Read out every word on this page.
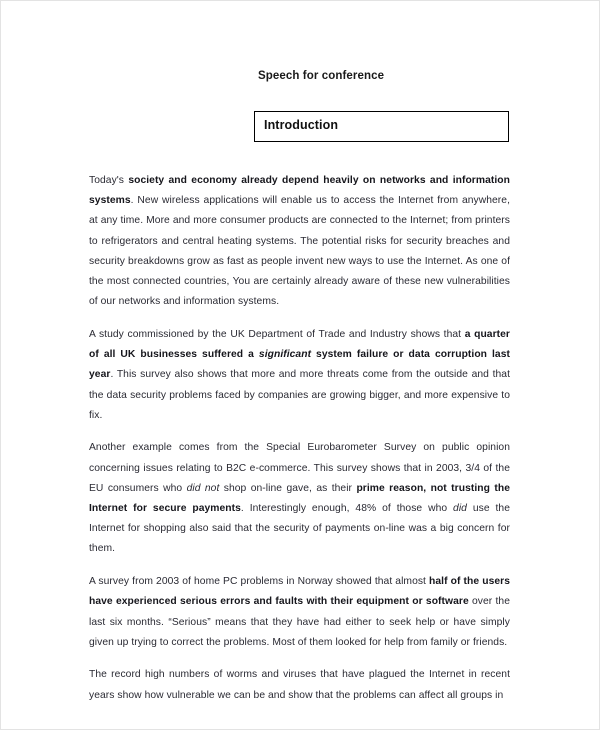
Speech for conference
Introduction

Today's society and economy already depend heavily on networks and information systems. New wireless applications will enable us to access the Internet from anywhere, at any time. More and more consumer products are connected to the Internet; from printers to refrigerators and central heating systems. The potential risks for security breaches and security breakdowns grow as fast as people invent new ways to use the Internet. As one of the most connected countries, You are certainly already aware of these new vulnerabilities of our networks and information systems.

A study commissioned by the UK Department of Trade and Industry shows that a quarter of all UK businesses suffered a significant system failure or data corruption last year. This survey also shows that more and more threats come from the outside and that the data security problems faced by companies are growing bigger, and more expensive to fix.

Another example comes from the Special Eurobarometer Survey on public opinion concerning issues relating to B2C e-commerce. This survey shows that in 2003, 3/4 of the EU consumers who did not shop on-line gave, as their prime reason, not trusting the Internet for secure payments. Interestingly enough, 48% of those who did use the Internet for shopping also said that the security of payments on-line was a big concern for them.

A survey from 2003 of home PC problems in Norway showed that almost half of the users have experienced serious errors and faults with their equipment or software over the last six months. “Serious” means that they have had either to seek help or have simply given up trying to correct the problems. Most of them looked for help from family or friends.

The record high numbers of worms and viruses that have plagued the Internet in recent years show how vulnerable we can be and show that the problems can affect all groups in
